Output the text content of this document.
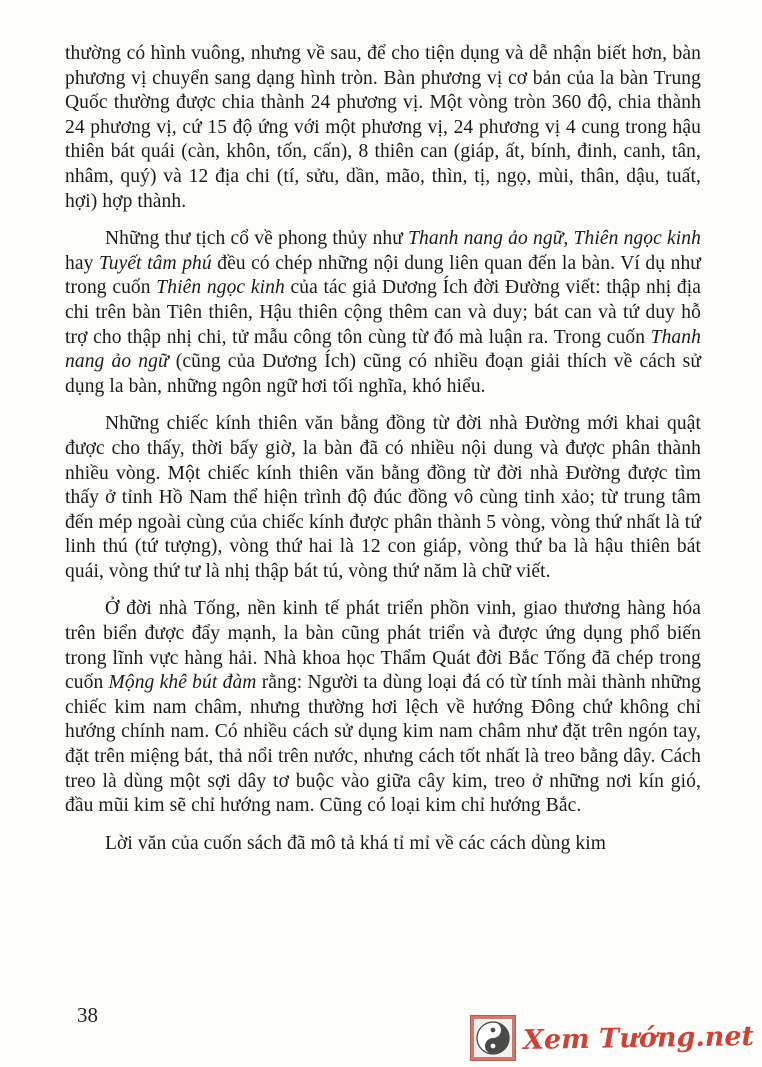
thường có hình vuông, nhưng về sau, để cho tiện dụng và dễ nhận biết hơn, bàn phương vị chuyển sang dạng hình tròn. Bàn phương vị cơ bản của la bàn Trung Quốc thường được chia thành 24 phương vị. Một vòng tròn 360 độ, chia thành 24 phương vị, cứ 15 độ ứng với một phương vị, 24 phương vị 4 cung trong hậu thiên bát quái (càn, khôn, tốn, cấn), 8 thiên can (giáp, ất, bính, đinh, canh, tân, nhâm, quý) và 12 địa chi (tí, sửu, dần, mão, thìn, tị, ngọ, mùi, thân, dậu, tuất, hợi) hợp thành.

Những thư tịch cổ về phong thủy như Thanh nang ảo ngữ, Thiên ngọc kinh hay Tuyết tâm phú đều có chép những nội dung liên quan đến la bàn. Ví dụ như trong cuốn Thiên ngọc kinh của tác giả Dương Ích đời Đường viết: thập nhị địa chi trên bàn Tiên thiên, Hậu thiên cộng thêm can và duy; bát can và tứ duy hỗ trợ cho thập nhị chi, tử mẫu công tôn cùng từ đó mà luận ra. Trong cuốn Thanh nang ảo ngữ (cũng của Dương Ích) cũng có nhiều đoạn giải thích về cách sử dụng la bàn, những ngôn ngữ hơi tối nghĩa, khó hiểu.

Những chiếc kính thiên văn bằng đồng từ đời nhà Đường mới khai quật được cho thấy, thời bấy giờ, la bàn đã có nhiều nội dung và được phân thành nhiều vòng. Một chiếc kính thiên văn bằng đồng từ đời nhà Đường được tìm thấy ở tỉnh Hồ Nam thể hiện trình độ đúc đồng vô cùng tinh xảo; từ trung tâm đến mép ngoài cùng của chiếc kính được phân thành 5 vòng, vòng thứ nhất là tứ linh thú (tứ tượng), vòng thứ hai là 12 con giáp, vòng thứ ba là hậu thiên bát quái, vòng thứ tư là nhị thập bát tú, vòng thứ năm là chữ viết.

Ở đời nhà Tống, nền kinh tế phát triển phồn vinh, giao thương hàng hóa trên biển được đẩy mạnh, la bàn cũng phát triển và được ứng dụng phổ biến trong lĩnh vực hàng hải. Nhà khoa học Thẩm Quát đời Bắc Tống đã chép trong cuốn Mộng khê bút đàm rằng: Người ta dùng loại đá có từ tính mài thành những chiếc kim nam châm, nhưng thường hơi lệch về hướng Đông chứ không chỉ hướng chính nam. Có nhiều cách sử dụng kim nam châm như đặt trên ngón tay, đặt trên miệng bát, thả nổi trên nước, nhưng cách tốt nhất là treo bằng dây. Cách treo là dùng một sợi dây tơ buộc vào giữa cây kim, treo ở những nơi kín gió, đầu mũi kim sẽ chỉ hướng nam. Cũng có loại kim chỉ hướng Bắc.

Lời văn của cuốn sách đã mô tả khá tỉ mỉ về các cách dùng kim

38
Xem Tướng.net
